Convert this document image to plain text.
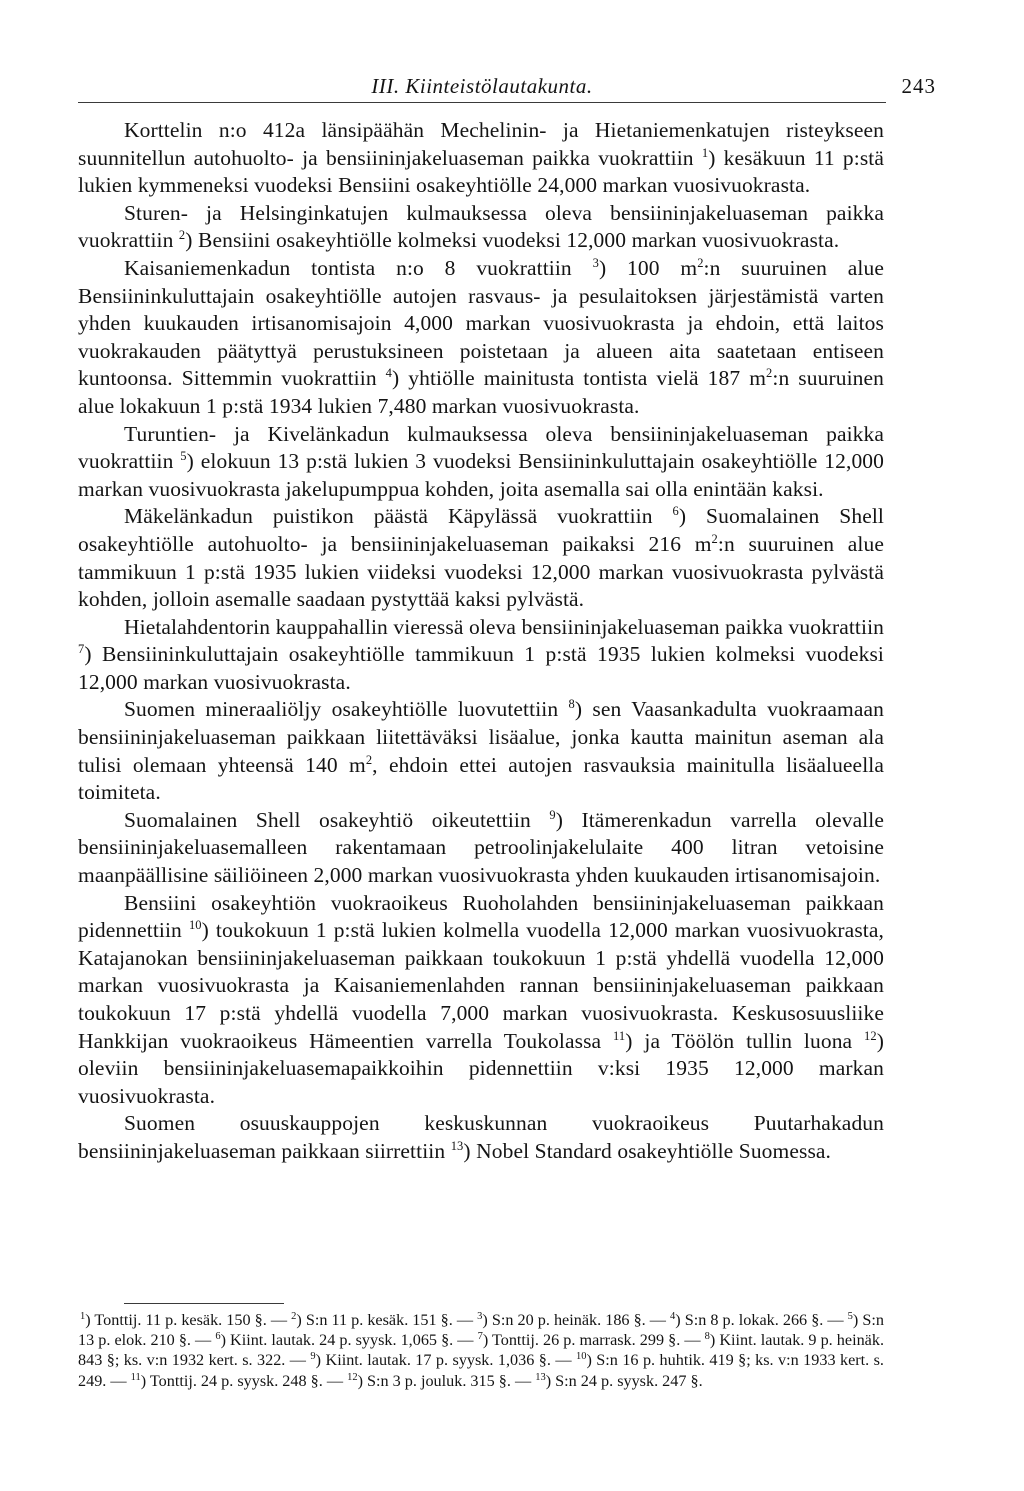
III. Kiinteistölautakunta.	243

Korttelin n:o 412a länsipäähän Mechelinin- ja Hietaniemenkatujen risteykseen suunnitellun autohuolto- ja bensiininjakeluaseman paikka vuokrattiin $^1$) kesäkuun 11 p:stä lukien kymmeneksi vuodeksi Bensiini osakeyhtiölle 24,000 markan vuosivuokrasta.

Sturen- ja Helsinginkatujen kulmauksessa oleva bensiininjakeluaseman paikka vuokrattiin $^2$) Bensiini osakeyhtiölle kolmeksi vuodeksi 12,000 markan vuosivuokrasta.

Kaisaniemenkadun tontista n:o 8 vuokrattiin $^3$) 100 $m^2:n$ suuruinen alue Bensiininkuluttajain osakeyhtiölle autojen rasvaus- ja pesulaitoksen järjestämistä varten yhden kuukauden irtisanomisajoin 4,000 markan vuosivuokrasta ja ehdoin, että laitos vuokrakauden päätyttyä perustuksineen poistetaan ja alueen aita saatetaan entiseen kuntoonsa. Sittemmin vuokrattiin $^4$) yhtiölle mainitusta tontista vielä 187 $m^2:n$ suuruinen alue lokakuun 1 p:stä 1934 lukien 7,480 markan vuosivuokrasta.

Turuntien- ja Kivelänkadun kulmauksessa oleva bensiininjakeluaseman paikka vuokrattiin $^5$) elokuun 13 p:stä lukien 3 vuodeksi Bensiininkuluttajain osakeyhtiölle 12,000 markan vuosivuokrasta jakelupumppua kohden, joita asemalla sai olla enintään kaksi.

Mäkelänkadun puistikon päästä Käpylässä vuokrattiin $^6$) Suomalainen Shell osakeyhtiölle autohuolto- ja bensiininjakeluaseman paikaksi 216 $m^2:n$ suuruinen alue tammikuun 1 p:stä 1935 lukien viideksi vuodeksi 12,000 markan vuosivuokrasta pylvästä kohden, jolloin asemalle saadaan pystyttää kaksi pylvästä.

Hietalahdentorin kauppahallin vieressä oleva bensiininjakeluaseman paikka vuokrattiin $^7$) Bensiininkuluttajain osakeyhtiölle tammikuun 1 p:stä 1935 lukien kolmeksi vuodeksi 12,000 markan vuosivuokrasta.

Suomen mineraaliöljy osakeyhtiölle luovutettiin $^8$) sen Vaasankadulta vuokraamaan bensiininjakeluaseman paikkaan liitettäväksi lisäalue, jonka kautta mainitun aseman ala tulisi olemaan yhteensä 140 $m^2$, ehdoin ettei autojen rasvauksia mainitulla lisäalueella toimiteta.

Suomalainen Shell osakeyhtiö oikeutettiin $^9$) Itämerenkadun varrella olevalle bensiininjakeluasemalleen rakentamaan petroolinjakelulaite 400 litran vetoisine maanpäällisine säiliöineen 2,000 markan vuosivuokrasta yhden kuukauden irtisanomisajoin.

Bensiini osakeyhtiön vuokraoikeus Ruoholahden bensiininjakeluaseman paikkaan pidennettiin $^{10}$) toukokuun 1 p:stä lukien kolmella vuodella 12,000 markan vuosivuokrasta, Katajanokan bensiininjakeluaseman paikkaan toukokuun 1 p:stä yhdellä vuodella 12,000 markan vuosivuokrasta ja Kaisaniemenlahden rannan bensiininjakeluaseman paikkaan toukokuun 17 p:stä yhdellä vuodella 7,000 markan vuosivuokrasta. Keskusosuusliike Hankkijan vuokraoikeus Hämeentien varrella Toukolassa $^{11}$) ja Töölön tullin luona $^{12}$) oleviin bensiininjakeluasemapaikkoihin pidennettiin v:ksi 1935 12,000 markan vuosivuokrasta.

Suomen osuuskauppojen keskuskunnan vuokraoikeus Puutarhakadun bensiininjakeluaseman paikkaan siirrettiin $^{13}$) Nobel Standard osakeyhtiölle Suomessa.

$^1$) Tonttij. 11 p. kesäk. 150 §. — $^2$) S:n 11 p. kesäk. 151 §. — $^3$) S:n 20 p. heinäk. 186 §. — $^4$) S:n 8 p. lokak. 266 §. — $^5$) S:n 13 p. elok. 210 §. — $^6$) Kiint. lautak. 24 p. syysk. 1,065 §. — $^7$) Tonttij. 26 p. marrask. 299 §. — $^8$) Kiint. lautak. 9 p. heinäk. 843 §; ks. v:n 1932 kert. s. 322. — $^9$) Kiint. lautak. 17 p. syysk. 1,036 §. — $^{10}$) S:n 16 p. huhtik. 419 §; ks. v:n 1933 kert. s. 249. — $^{11}$) Tonttij. 24 p. syysk. 248 §. — $^{12}$) S:n 3 p. jouluk. 315 §. — $^{13}$) S:n 24 p. syysk. 247 §.
